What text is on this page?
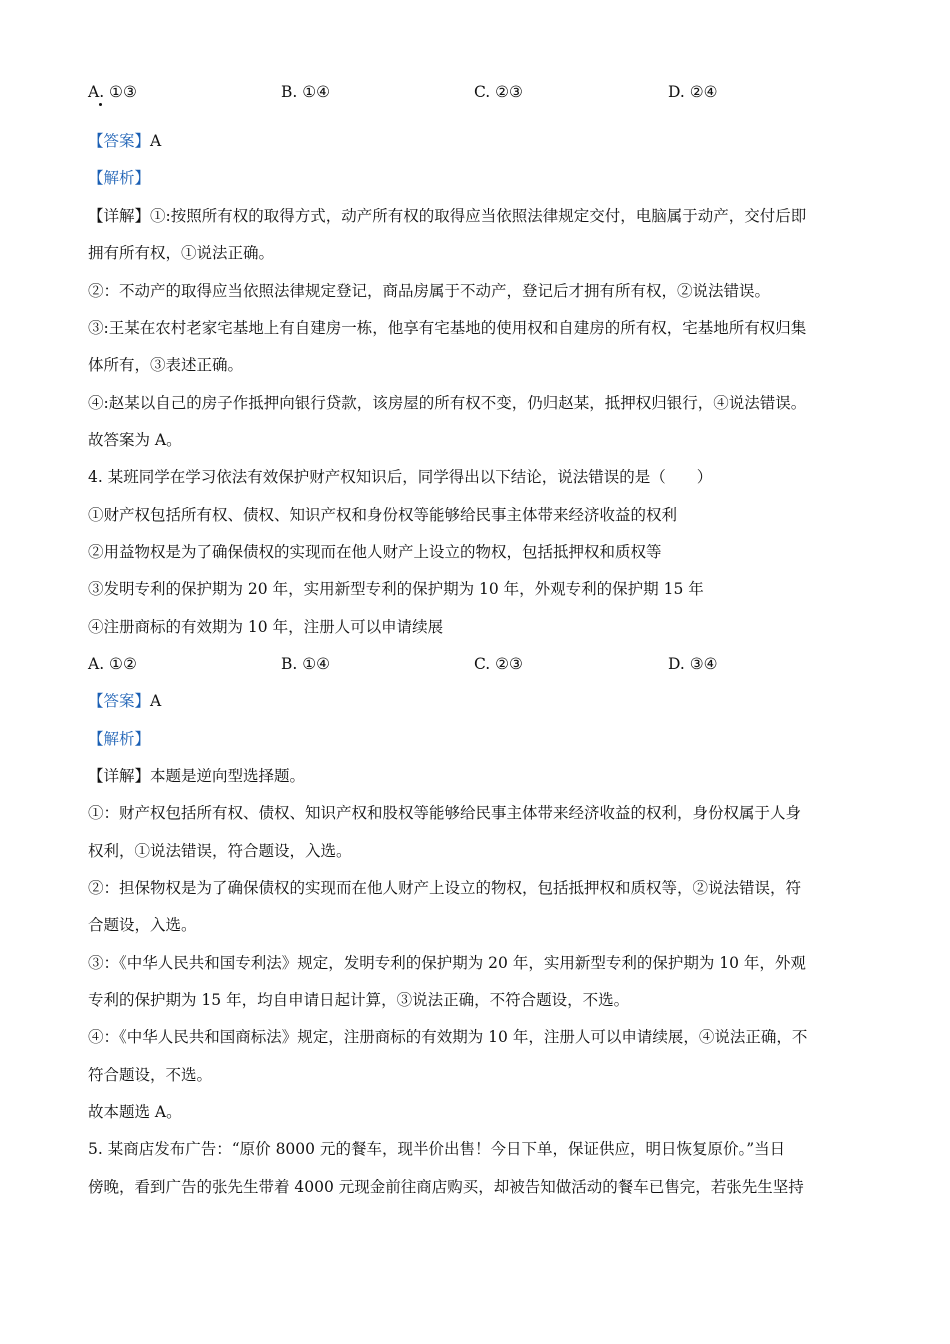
A. ①③	B. ①④	C. ②③	D. ②④
【答案】A
【解析】
【详解】①:按照所有权的取得方式，动产所有权的取得应当依照法律规定交付，电脑属于动产，交付后即
拥有所有权，①说法正确。
②：不动产的取得应当依照法律规定登记，商品房属于不动产，登记后才拥有所有权，②说法错误。
③:王某在农村老家宅基地上有自建房一栋，他享有宅基地的使用权和自建房的所有权，宅基地所有权归集
体所有，③表述正确。
④:赵某以自己的房子作抵押向银行贷款，该房屋的所有权不变，仍归赵某，抵押权归银行，④说法错误。
故答案为 A。
4. 某班同学在学习依法有效保护财产权知识后，同学得出以下结论，说法错误的是（　　）
①财产权包括所有权、债权、知识产权和身份权等能够给民事主体带来经济收益的权利
②用益物权是为了确保债权的实现而在他人财产上设立的物权，包括抵押权和质权等
③发明专利的保护期为 20 年，实用新型专利的保护期为 10 年，外观专利的保护期 15 年
④注册商标的有效期为 10 年，注册人可以申请续展
A. ①②	B. ①④	C. ②③	D. ③④
【答案】A
【解析】
【详解】本题是逆向型选择题。
①：财产权包括所有权、债权、知识产权和股权等能够给民事主体带来经济收益的权利，身份权属于人身
权利，①说法错误，符合题设，入选。
②：担保物权是为了确保债权的实现而在他人财产上设立的物权，包括抵押权和质权等，②说法错误，符
合题设，入选。
③：《中华人民共和国专利法》规定，发明专利的保护期为 20 年，实用新型专利的保护期为 10 年，外观
专利的保护期为 15 年，均自申请日起计算，③说法正确，不符合题设，不选。
④：《中华人民共和国商标法》规定，注册商标的有效期为 10 年，注册人可以申请续展，④说法正确，不
符合题设，不选。
故本题选 A。
5. 某商店发布广告：“原价 8000 元的餐车，现半价出售！今日下单，保证供应，明日恢复原价。”当日
傍晚，看到广告的张先生带着 4000 元现金前往商店购买，却被告知做活动的餐车已售完，若张先生坚持
